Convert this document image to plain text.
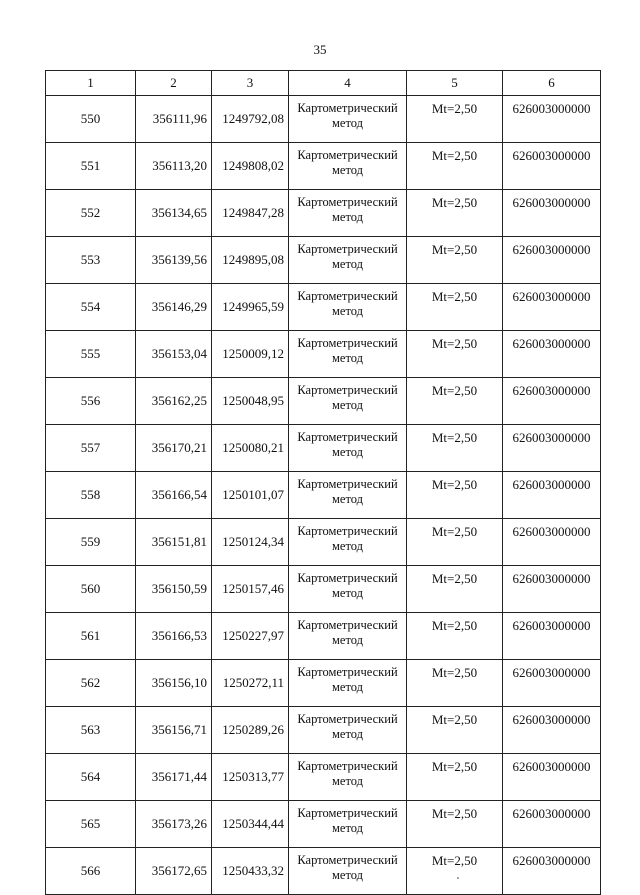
35
1	2	3	4	5	6
550	356111,96	1249792,08	Картометрический метод	Mt=2,50	626003000000
551	356113,20	1249808,02	Картометрический метод	Mt=2,50	626003000000
552	356134,65	1249847,28	Картометрический метод	Mt=2,50	626003000000
553	356139,56	1249895,08	Картометрический метод	Mt=2,50	626003000000
554	356146,29	1249965,59	Картометрический метод	Mt=2,50	626003000000
555	356153,04	1250009,12	Картометрический метод	Mt=2,50	626003000000
556	356162,25	1250048,95	Картометрический метод	Mt=2,50	626003000000
557	356170,21	1250080,21	Картометрический метод	Mt=2,50	626003000000
558	356166,54	1250101,07	Картометрический метод	Mt=2,50	626003000000
559	356151,81	1250124,34	Картометрический метод	Mt=2,50	626003000000
560	356150,59	1250157,46	Картометрический метод	Mt=2,50	626003000000
561	356166,53	1250227,97	Картометрический метод	Mt=2,50	626003000000
562	356156,10	1250272,11	Картометрический метод	Mt=2,50	626003000000
563	356156,71	1250289,26	Картометрический метод	Mt=2,50	626003000000
564	356171,44	1250313,77	Картометрический метод	Mt=2,50	626003000000
565	356173,26	1250344,44	Картометрический метод	Mt=2,50	626003000000
566	356172,65	1250433,32	Картометрический метод	Mt=2,50	626003000000
